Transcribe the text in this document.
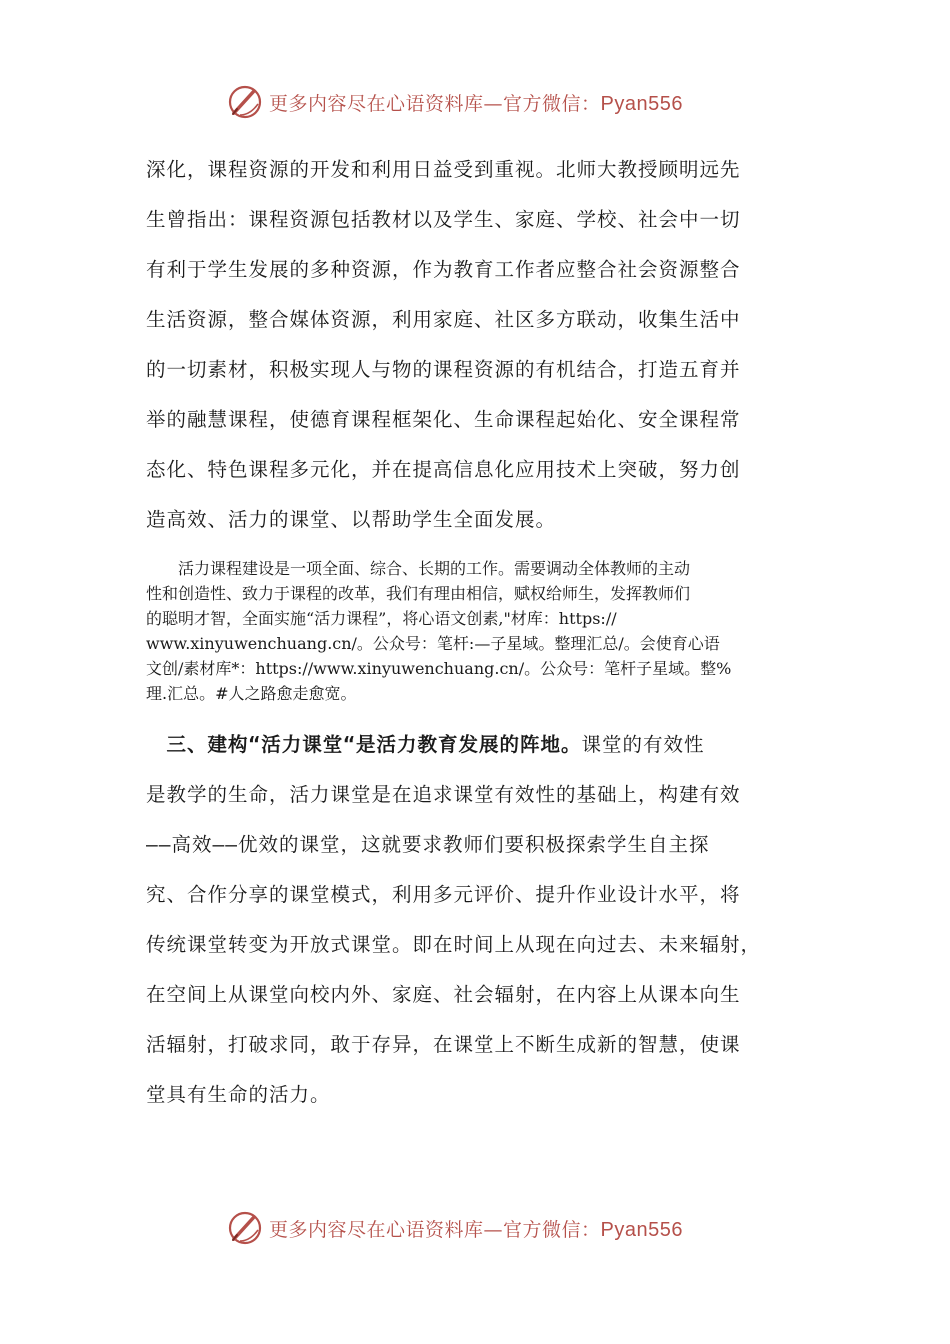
更多内容尽在心语资料库—官方微信：Pyan556
深化，课程资源的开发和利用日益受到重视。北师大教授顾明远先
生曾指出：课程资源包括教材以及学生、家庭、学校、社会中一切
有利于学生发展的多种资源，作为教育工作者应整合社会资源整合
生活资源，整合媒体资源，利用家庭、社区多方联动，收集生活中
的一切素材，积极实现人与物的课程资源的有机结合，打造五育并
举的融慧课程，使德育课程框架化、生命课程起始化、安全课程常
态化、特色课程多元化，并在提高信息化应用技术上突破，努力创
造高效、活力的课堂、以帮助学生全面发展。
　　活力课程建设是一项全面、综合、长期的工作。需要调动全体教师的主动
性和创造性、致力于课程的改革，我们有理由相信，赋权给师生，发挥教师们
的聪明才智，全面实施“活力课程”，将心语文创素,"材库：https://
www.xinyuwenchuang.cn/。公众号：笔杆:—子星域。整理汇总/。会使育心语
文创/素材库*：https://www.xinyuwenchuang.cn/。公众号：笔杆子星域。整%
理.汇总。#人之路愈走愈宽。
　三、建构“活力课堂“是活力教育发展的阵地。课堂的有效性
是教学的生命，活力课堂是在追求课堂有效性的基础上，构建有效
——高效——优效的课堂，这就要求教师们要积极探索学生自主探
究、合作分享的课堂模式，利用多元评价、提升作业设计水平，将
传统课堂转变为开放式课堂。即在时间上从现在向过去、未来辐射，
在空间上从课堂向校内外、家庭、社会辐射，在内容上从课本向生
活辐射，打破求同，敢于存异，在课堂上不断生成新的智慧，使课
堂具有生命的活力。
更多内容尽在心语资料库—官方微信：Pyan556
